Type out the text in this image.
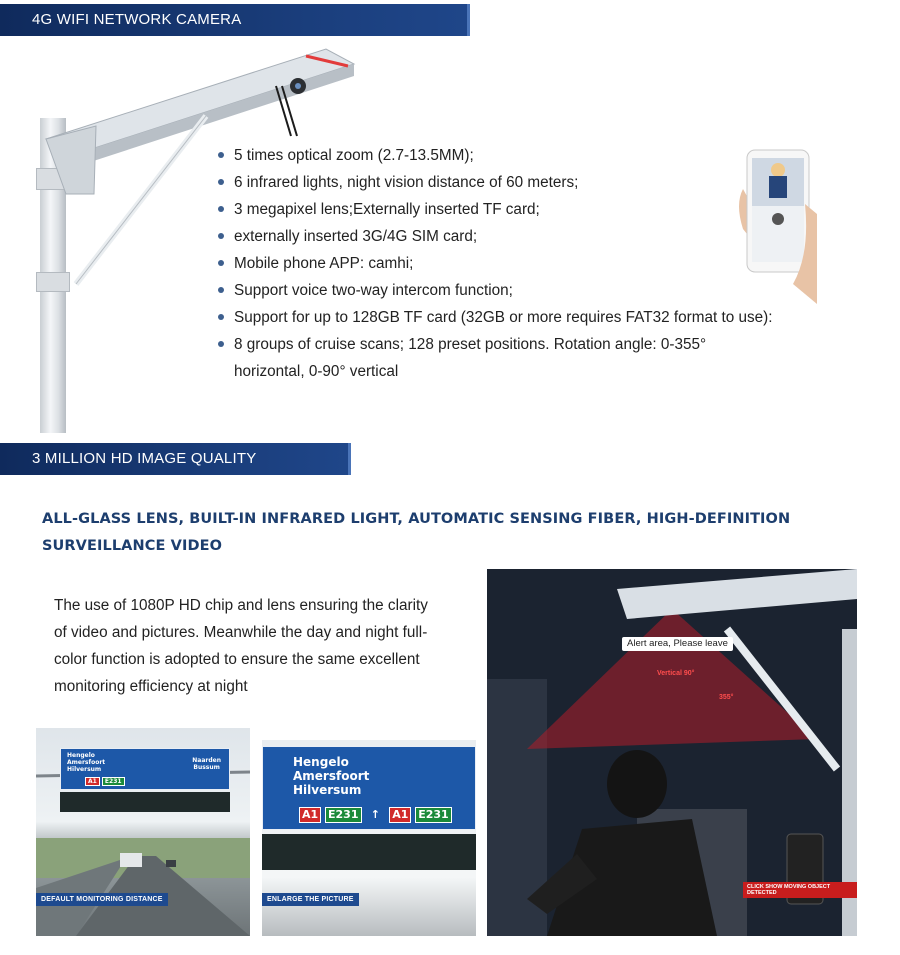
4G WIFI NETWORK CAMERA
5 times optical zoom (2.7-13.5MM);
6 infrared lights, night vision distance of 60 meters;
3 megapixel lens;Externally inserted TF card;
externally inserted 3G/4G SIM card;
Mobile phone APP: camhi;
Support voice two-way intercom function;
Support for up to 128GB TF card (32GB or more requires FAT32 format to use):
8 groups of cruise scans; 128 preset positions. Rotation angle: 0-355° horizontal, 0-90° vertical
3 MILLION HD IMAGE QUALITY
ALL-GLASS LENS, BUILT-IN INFRARED LIGHT, AUTOMATIC SENSING FIBER, HIGH-DEFINITION SURVEILLANCE VIDEO
The use of 1080P HD chip and lens ensuring the clarity of video and pictures. Meanwhile the day and night full-color function is adopted to ensure the same excellent monitoring efficiency at night
Hengelo
Amersfoort
Hilversum
Naarden
Bussum
A1 E231
DEFAULT MONITORING DISTANCE
Hengelo
Amersfoort
Hilversum
A1 E231 ↑ A1 E231
ENLARGE THE PICTURE
Alert area, Please leave
Vertical 90°
355°
CLICK SHOW MOVING OBJECT DETECTED
